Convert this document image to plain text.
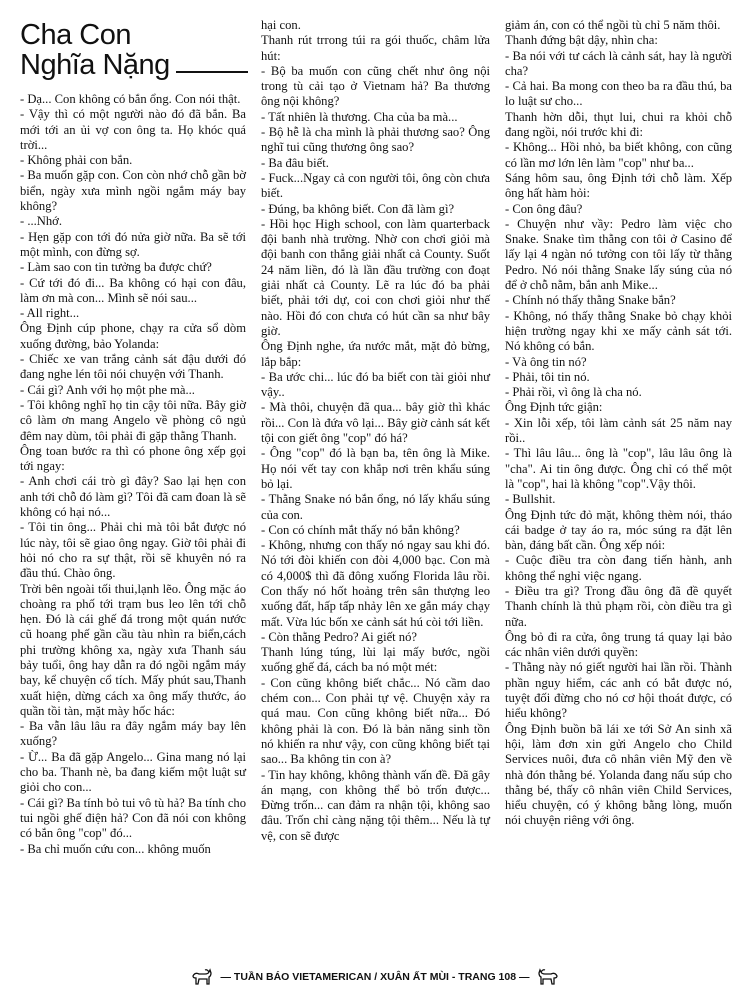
Cha Con
Nghĩa Nặng

- Dạ... Con không có bắn ổng. Con nói thật.

- Vậy thì có một người nào đó đã bắn. Ba mới tới an ủi vợ con ông ta. Họ khóc quá trời...

- Không phải con bắn.

- Ba muốn gặp con. Con còn nhớ chỗ gần bờ biển, ngày xưa mình ngồi ngắm máy bay không?

- ...Nhớ.

- Hẹn gặp con tới đó nửa giờ nữa. Ba sẽ tới một mình, con đừng sợ.

- Làm sao con tin tưởng ba được chứ?

- Cứ tới đó đi... Ba không có hại con đâu, làm ơn mà con... Mình sẽ nói sau...

- All right...

Ông Định cúp phone, chạy ra cửa sổ dòm xuống đường, bảo Yolanda:

- Chiếc xe van trắng cảnh sát đậu dưới đó đang nghe lén tôi nói chuyện với Thanh.

- Cái gì? Anh với họ một phe mà...

- Tôi không nghĩ họ tin cậy tôi nữa. Bây giờ cô làm ơn mang Angelo về phòng cô ngủ đêm nay dùm, tôi phải đi gặp thằng Thanh.

Ông toan bước ra thì có phone ông xếp gọi tới ngay:

- Anh chơi cái trò gì đây? Sao lại hẹn con anh tới chỗ đó làm gì? Tôi đã cam đoan là sẽ không có hại nó...

- Tôi tin ông... Phải chi mà tôi bắt được nó lúc này, tôi sẽ giao ông ngay. Giờ tôi phải đi hỏi nó cho ra sự thật, rồi sẽ khuyên nó ra đầu thú. Chào ông.

Trời bên ngoài tối thui,lạnh lẽo. Ông mặc áo choàng ra phố tới trạm bus leo lên tới chỗ hẹn. Đó là cái ghế đá trong một quán nước cũ hoang phế gần cầu tàu nhìn ra biển,cách phi trường không xa, ngày xưa Thanh sáu bảy tuổi, ông hay dẫn ra đó ngồi ngắm máy bay, kể chuyện cổ tích. Mấy phút sau,Thanh xuất hiện, dừng cách xa ông mấy thước, áo quần tồi tàn, mặt mày hốc hác:

- Ba vẫn lâu lâu ra đây ngắm máy bay lên xuống?

- Ừ... Ba đã gặp Angelo... Gina mang nó lại cho ba. Thanh nè, ba đang kiếm một luật sư giỏi cho con...

- Cái gì? Ba tính bỏ tui vô tù hả? Ba tính cho tui ngồi ghế điện hả? Con đã nói con không có bắn ông "cop" đó...

- Ba chỉ muốn cứu con... không muốn

hại con.

Thanh rút trrong túi ra gói thuốc, châm lửa hút:

- Bộ ba muốn con cũng chết như ông nội trong tù cải tạo ở Vietnam hả? Ba thương ông nội không?

- Tất nhiên là thương. Cha của ba mà...

- Bộ hễ là cha mình là phải thương sao? Ông nghĩ tui cũng thương ông sao?

- Ba đâu biết.

- Fuck...Ngay cả con người tôi, ông còn chưa biết.

- Đúng, ba không biết. Con đã làm gì?

- Hồi học High school, con làm quarterback đội banh nhà trường. Nhờ con chơi giỏi mà đội banh con thắng giải nhất cả County. Suốt 24 năm liền, đó là lần đầu trường con đoạt giải nhất cả County. Lẽ ra lúc đó ba phải biết, phải tới dự, coi con chơi giỏi như thế nào. Hồi đó con chưa có hút cần sa như bây giờ.

Ông Định nghe, ứa nước mắt, mặt đỏ bừng, lắp bắp:

- Ba ước chi... lúc đó ba biết con tài giỏi như vậy..

- Mà thôi, chuyện đã qua... bây giờ thì khác rồi... Con là đứa vô lại... Bây giờ cảnh sát kết tội con giết ông "cop" đó há?

- Ông "cop" đó là bạn ba, tên ông là Mike. Họ nói vết tay con khắp nơi trên khẩu súng bỏ lại.

- Thằng Snake nó bắn ổng, nó lấy khẩu súng của con.

- Con có chính mắt thấy nó bắn không?

- Không, nhưng con thấy nó ngay sau khi đó. Nó tới đòi khiến con đòi 4,000 bạc. Con mà có 4,000$ thì đã đông xuống Florida lâu rồi. Con thấy nó hốt hoảng trên sân thượng leo xuống đất, hấp tấp nhảy lên xe gắn máy chạy mất. Vừa lúc bốn xe cảnh sát hú còi tới liền.

- Còn thằng Pedro? Ai giết nó?

Thanh lúng túng, lùi lại mấy bước, ngồi xuống ghế đá, cách ba nó một mét:

- Con cũng không biết chắc... Nó cầm dao chém con... Con phải tự vệ. Chuyện xảy ra quá mau. Con cũng không biết nữa... Đó không phải là con. Đó là bản năng sinh tồn nó khiến ra như vậy, con cũng không biết tại sao... Ba không tin con à?

- Tin hay không, không thành vấn đề. Đã gây án mạng, con không thể bỏ trốn được... Đừng trốn... can đảm ra nhận tội, không sao đâu. Trốn chỉ càng nặng tội thêm... Nếu là tự vệ, con sẽ được

giảm án, con có thể ngồi tù chỉ 5 năm thôi.

Thanh đứng bật dậy, nhìn cha:

- Ba nói với tư cách là cảnh sát, hay là người cha?

- Cả hai. Ba mong con theo ba ra đầu thú, ba lo luật sư cho...

Thanh hờn dỗi, thụt lui, chui ra khỏi chỗ đang ngồi, nói trước khi đi:

- Không... Hồi nhỏ, ba biết không, con cũng có lần mơ lớn lên làm "cop" như ba...

Sáng hôm sau, ông Định tới chỗ làm. Xếp ông hất hàm hỏi:

- Con ông đâu?

- Chuyện như vầy: Pedro làm việc cho Snake. Snake tìm thằng con tôi ở Casino để lấy lại 4 ngàn nó tưởng con tôi lấy từ thằng Pedro. Nó nói thằng Snake lấy súng của nó để ở chỗ nằm, bắn anh Mike...

- Chính nó thấy thằng Snake bắn?

- Không, nó thấy thằng Snake bỏ chạy khỏi hiện trường ngay khi xe mấy cảnh sát tới. Nó không có bắn.

- Và ông tin nó?

- Phải, tôi tin nó.

- Phải rồi, vì ông là cha nó.

Ông Định tức giận:

- Xin lỗi xếp, tôi làm cảnh sát 25 năm nay rồi..

- Thì lâu lâu... ông là "cop", lâu lâu ông là "cha". Ai tin ông được. Ông chỉ có thể một là "cop", hai là không "cop".Vậy thôi.

- Bullshit.

Ông Định tức đỏ mặt, không thèm nói, tháo cái badge ở tay áo ra, móc súng ra đặt lên bàn, đáng bất cần. Ông xếp nói:

- Cuộc điều tra còn đang tiến hành, anh không thể nghỉ việc ngang.

- Điều tra gì? Trong đầu ông đã đề quyết Thanh chính là thủ phạm rồi, còn điều tra gì nữa.

Ông bỏ đi ra cửa, ông trung tá quay lại bảo các nhân viên dưới quyền:

- Thằng này nó giết người hai lần rồi. Thành phần nguy hiểm, các anh có bắt được nó, tuyệt đối đừng cho nó cơ hội thoát được, có hiểu không?

Ông Định buồn bã lái xe tới Sở An sinh xã hội, làm đơn xin gửi Angelo cho Child Services nuôi, đưa cô nhân viên Mỹ đen về nhà đón thằng bé. Yolanda đang nấu súp cho thằng bé, thấy cô nhân viên Child Services, hiểu chuyện, có ý không bằng lòng, muốn nói chuyện riêng với ông.

— TUẦN BÁO VIETAMERICAN / XUÂN ẤT MÙI - TRANG 108 —
